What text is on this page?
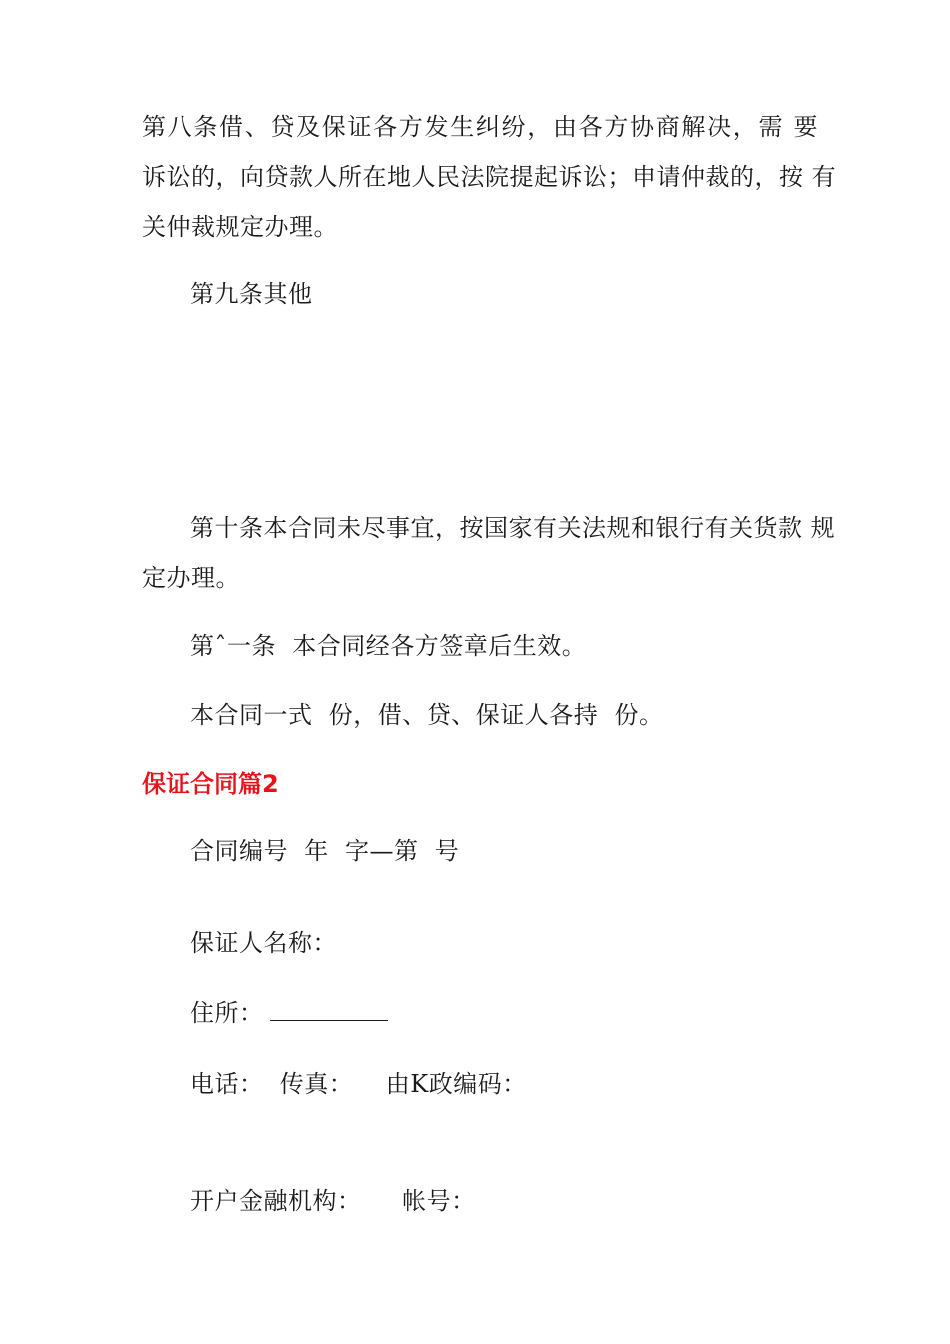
第八条借、贷及保证各方发生纠纷，由各方协商解决，需 要
诉讼的，向贷款人所在地人民法院提起诉讼；申请仲裁的，按 有
关仲裁规定办理。
第九条其他
第十条本合同未尽事宜，按国家有关法规和银行有关货款 规
定办理。
第ˆ一条  本合同经各方签章后生效。
本合同一式  份，借、贷、保证人各持  份。
保证合同篇2
合同编号  年  字—第  号
保证人名称：
住所：
电话：  传真：    由K政编码：
开户金融机构：     帐号：
